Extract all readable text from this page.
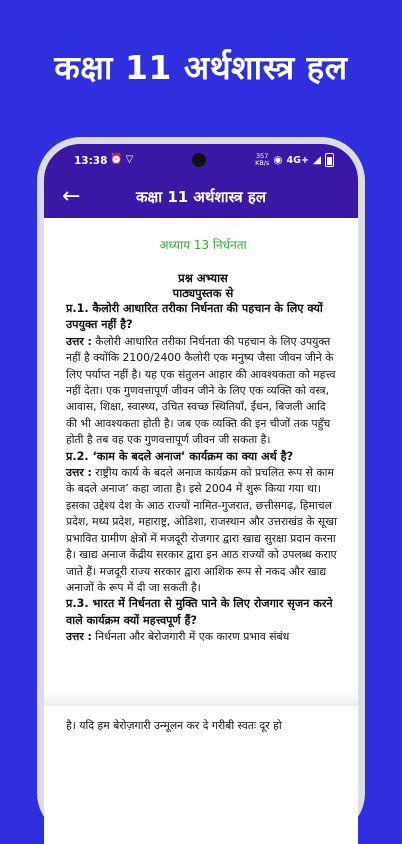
कक्षा 11 अर्थशास्त्र हल
13:38 ⏰ ▽	357
KB/s ◉ 4G+ ◢
←	कक्षा 11 अर्थशास्त्र हल
अध्याय 13 निर्धनता
प्रश्न अभ्यास
पाठ्यपुस्तक से

प्र.1. कैलोरी आधारित तरीका निर्धनता की पहचान के लिए क्यों उपयुक्त नहीं है?

उत्तर : कैलोरी आधारित तरीका निर्धनता की पहचान के लिए उपयुक्त नहीं है क्योंकि 2100/2400 कैलोरी एक मनुष्य जैसा जीवन जीने के लिए पर्याप्त नहीं है। यह एक संतुलन आहार की आवश्यकता को महत्त्व नहीं देता। एक गुणवत्तापूर्ण जीवन जीने के लिए एक व्यक्ति को वस्त्र, आवास, शिक्षा, स्वास्थ्य, उचित स्वच्छ स्थितियाँ, ईंधन, बिजली आदि की भी आवश्यकता होती है। जब एक व्यक्ति की इन चीजों तक पहुँच होती है तब वह एक गुणवत्तापूर्ण जीवन जी सकता है।

प्र.2. ‘काम के बदले अनाज’ कार्यक्रम का क्या अर्थ है?

उत्तर : राष्ट्रीय कार्य के बदले अनाज कार्यक्रम को प्रचलित रूप से काम के बदले अनाज’ कहा जाता है। इसे 2004 में शुरू किया गया था। इसका उद्देश्य देश के आठ राज्यों नामित-गुजरात, छत्तीसगढ़, हिमाचल प्रदेश, मध्य प्रदेश, महाराष्ट्र, ओडिशा, राजस्थान और उत्तराखंड के सूखा प्रभावित ग्रामीण क्षेत्रों में मजदूरी रोजगार द्वारा खाद्य सुरक्षा प्रदान करना है। खाद्य अनाज केंद्रीय सरकार द्वारा इन आठ राज्यों को उपलब्ध कराए जाते हैं। मजदूरी राज्य सरकार द्वारा आशिक रूप से नकद और खाद्य अनाजों के रूप में दी जा सकती है।

प्र.3. भारत में निर्धनता से मुक्ति पाने के लिए रोजगार सृजन करने वाले कार्यक्रम क्यों महत्त्वपूर्ण हैं?

उत्तर : निर्धनता और बेरोजगारी में एक कारण प्रभाव संबंध

है। यदि हम बेरोज़गारी उन्मूलन कर दे गरीबी स्वतः दूर हो
